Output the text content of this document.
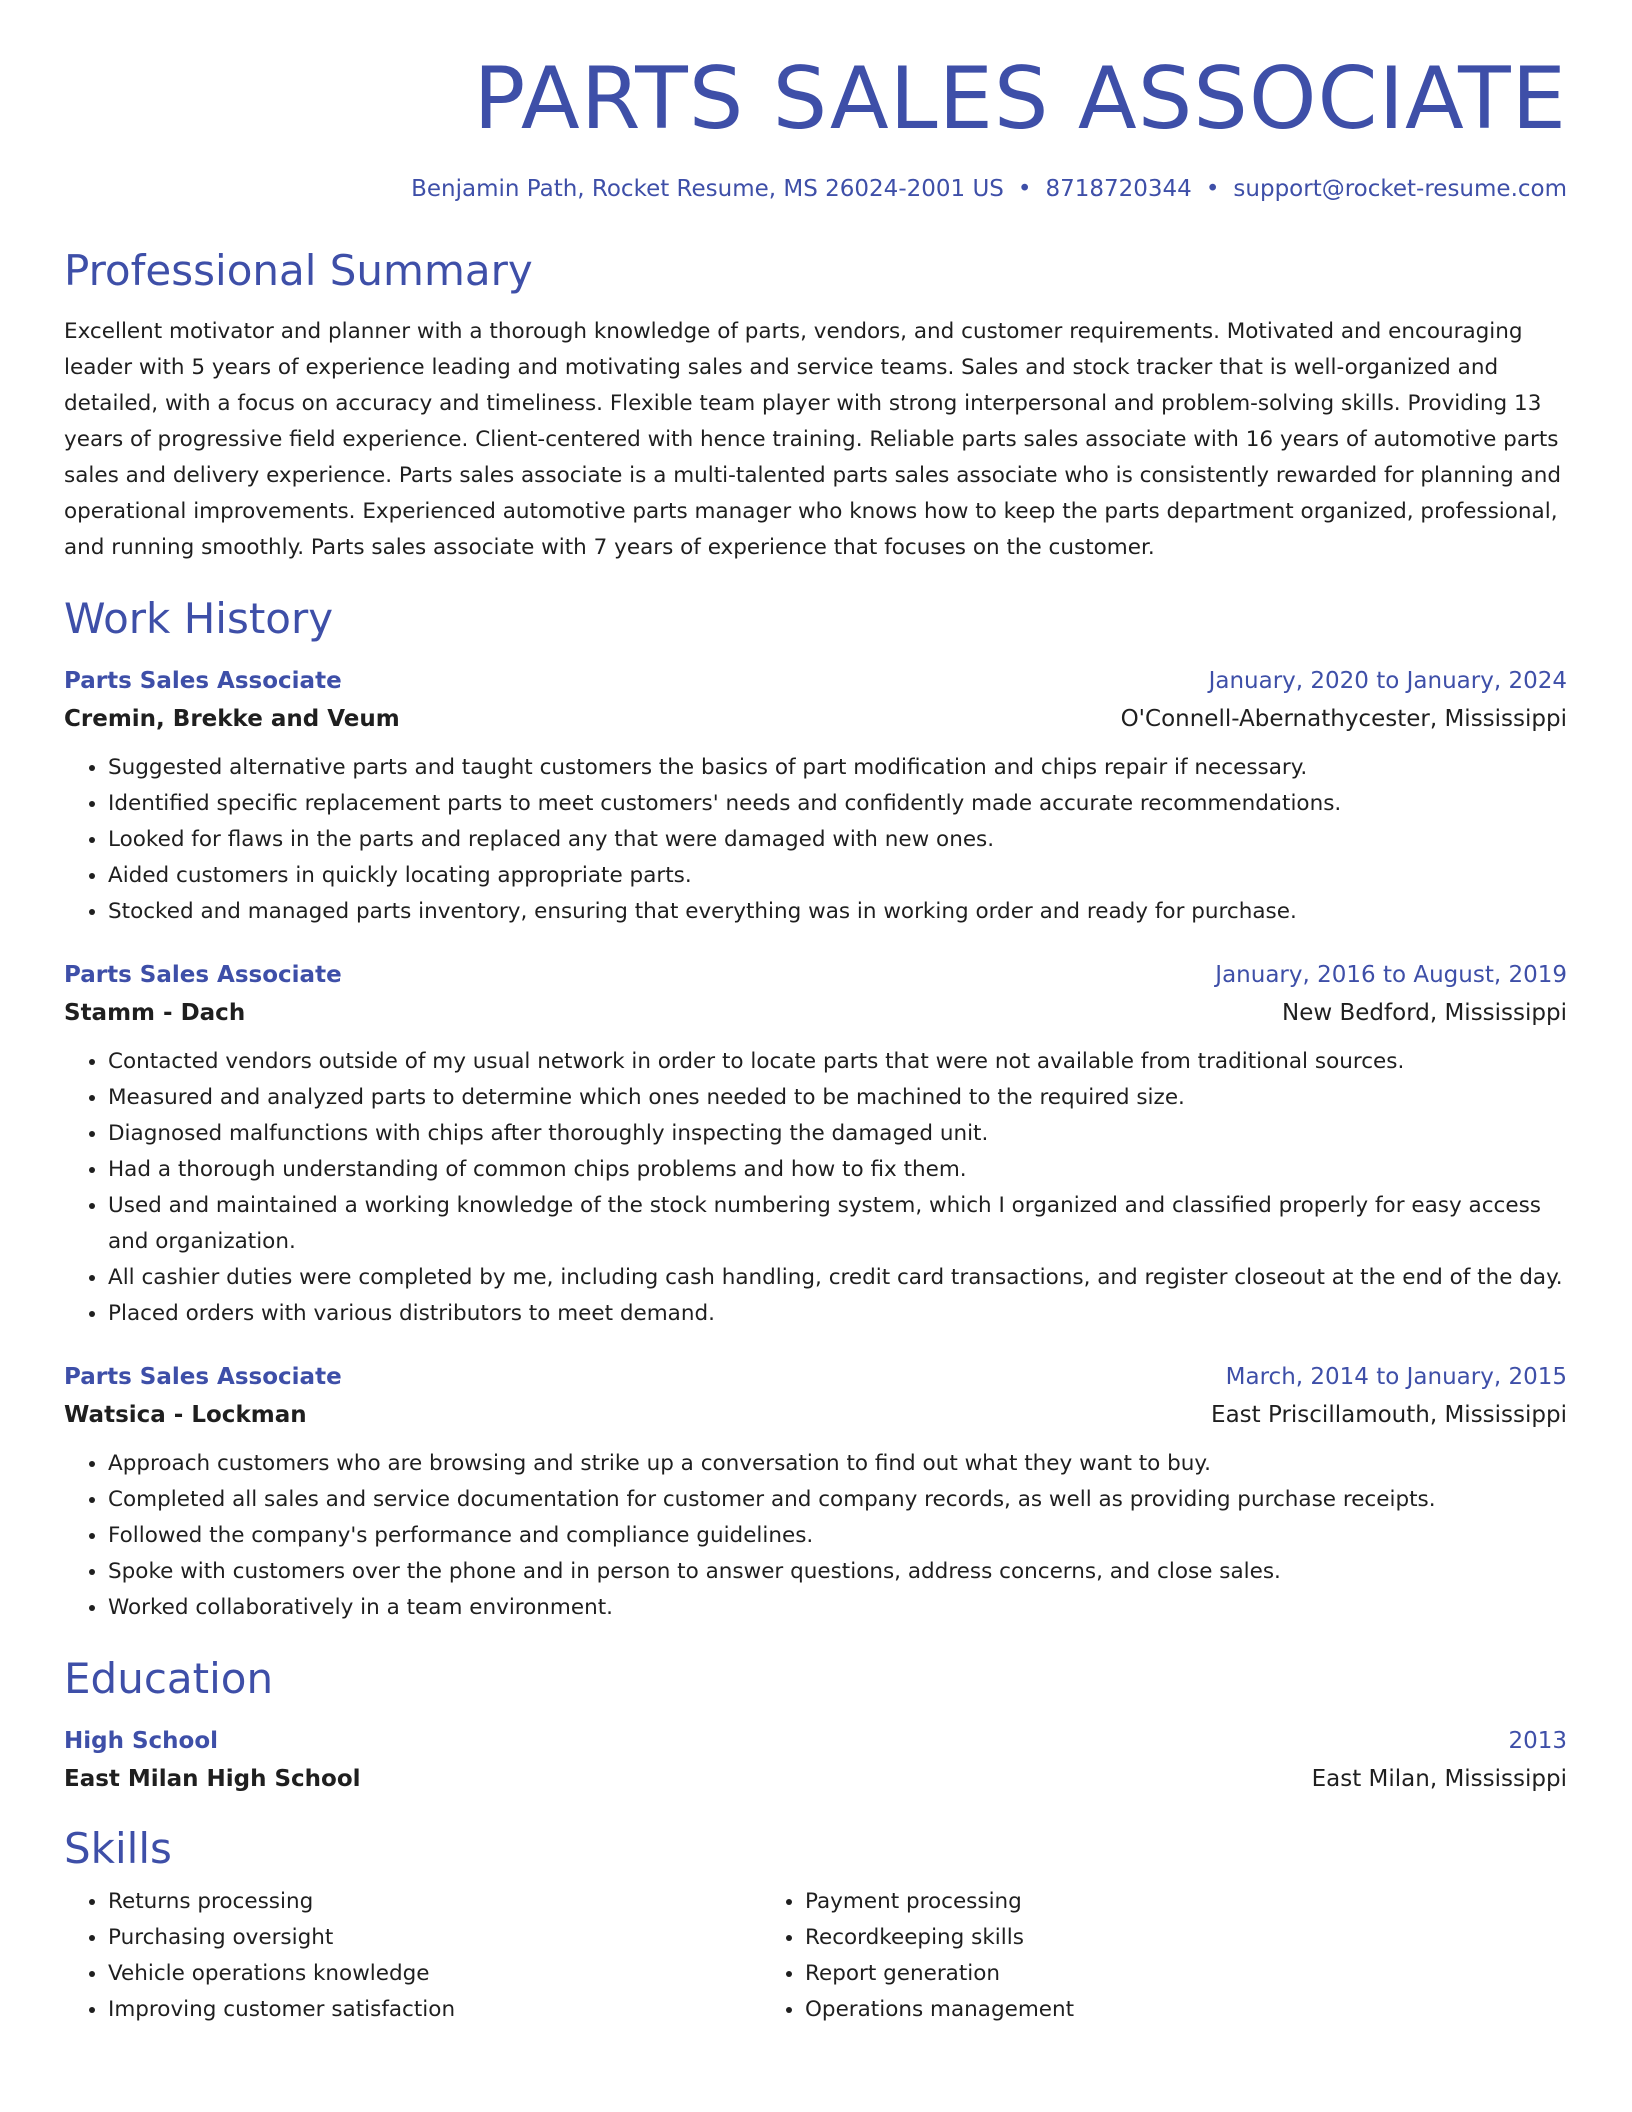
PARTS SALES ASSOCIATE
Benjamin Path, Rocket Resume, MS 26024-2001 US • 8718720344 • support@rocket-resume.com
Professional Summary

Excellent motivator and planner with a thorough knowledge of parts, vendors, and customer requirements. Motivated and encouraging leader with 5 years of experience leading and motivating sales and service teams. Sales and stock tracker that is well-organized and detailed, with a focus on accuracy and timeliness. Flexible team player with strong interpersonal and problem-solving skills. Providing 13 years of progressive field experience. Client-centered with hence training. Reliable parts sales associate with 16 years of automotive parts sales and delivery experience. Parts sales associate is a multi-talented parts sales associate who is consistently rewarded for planning and operational improvements. Experienced automotive parts manager who knows how to keep the parts department organized, professional, and running smoothly. Parts sales associate with 7 years of experience that focuses on the customer.

Work History
Parts Sales Associate	January, 2020 to January, 2024
Cremin, Brekke and Veum	O'Connell-Abernathycester, Mississippi
• Suggested alternative parts and taught customers the basics of part modification and chips repair if necessary.
• Identified specific replacement parts to meet customers' needs and confidently made accurate recommendations.
• Looked for flaws in the parts and replaced any that were damaged with new ones.
• Aided customers in quickly locating appropriate parts.
• Stocked and managed parts inventory, ensuring that everything was in working order and ready for purchase.
Parts Sales Associate	January, 2016 to August, 2019
Stamm - Dach	New Bedford, Mississippi
• Contacted vendors outside of my usual network in order to locate parts that were not available from traditional sources.
• Measured and analyzed parts to determine which ones needed to be machined to the required size.
• Diagnosed malfunctions with chips after thoroughly inspecting the damaged unit.
• Had a thorough understanding of common chips problems and how to fix them.
• Used and maintained a working knowledge of the stock numbering system, which I organized and classified properly for easy access and organization.
• All cashier duties were completed by me, including cash handling, credit card transactions, and register closeout at the end of the day.
• Placed orders with various distributors to meet demand.
Parts Sales Associate	March, 2014 to January, 2015
Watsica - Lockman	East Priscillamouth, Mississippi
• Approach customers who are browsing and strike up a conversation to find out what they want to buy.
• Completed all sales and service documentation for customer and company records, as well as providing purchase receipts.
• Followed the company's performance and compliance guidelines.
• Spoke with customers over the phone and in person to answer questions, address concerns, and close sales.
• Worked collaboratively in a team environment.
Education
High School	2013
East Milan High School	East Milan, Mississippi
Skills
• Returns processing
• Purchasing oversight
• Vehicle operations knowledge
• Improving customer satisfaction
• Payment processing
• Recordkeeping skills
• Report generation
• Operations management
